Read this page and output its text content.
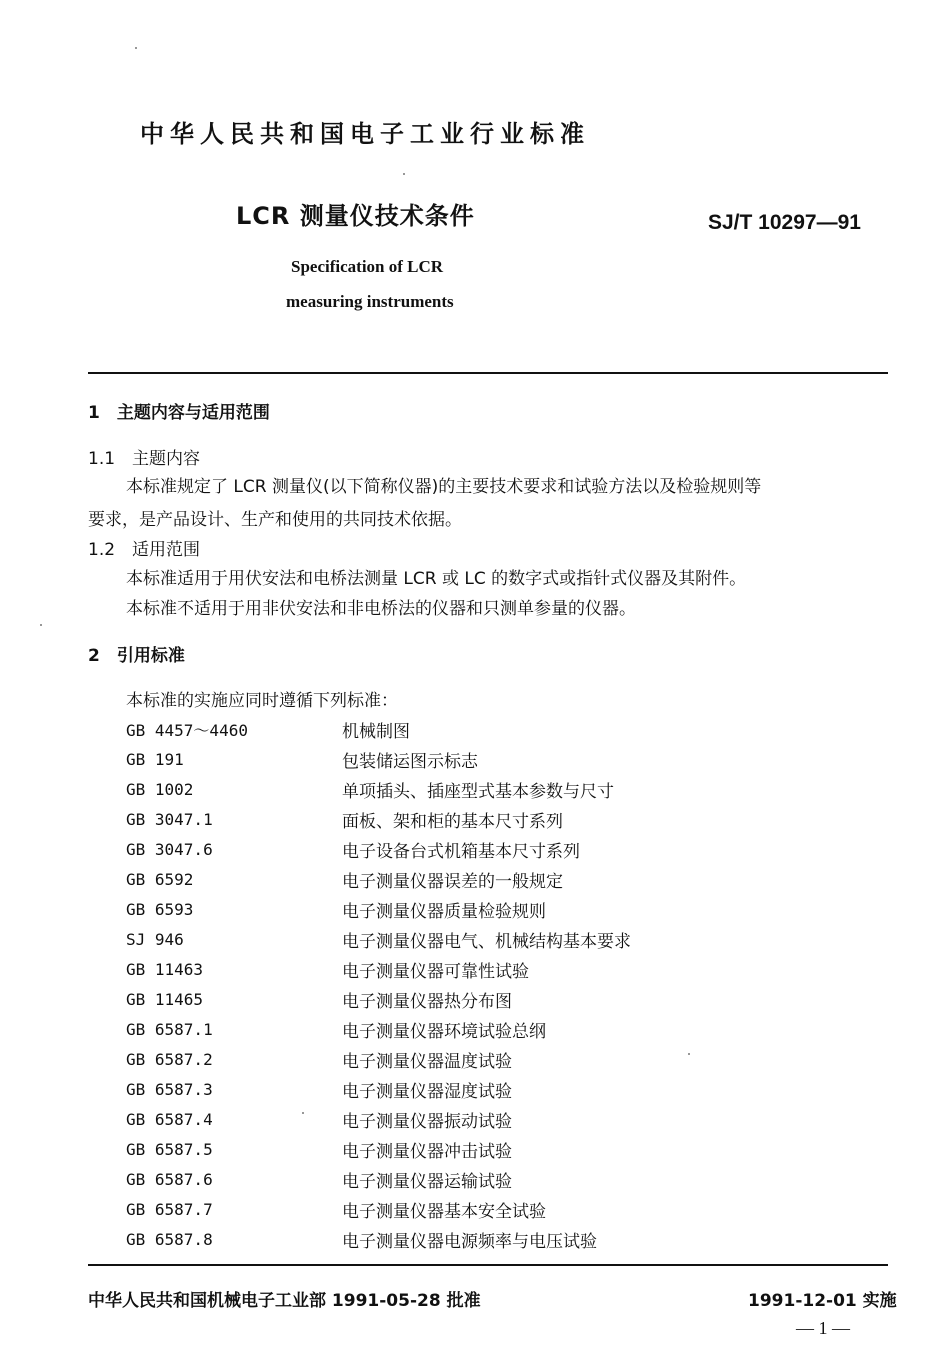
中华人民共和国电子工业行业标准
LCR 测量仪技术条件	SJ/T 10297—91
Specification of LCR
measuring instruments
1　主题内容与适用范围
1.1　主题内容
本标准规定了 LCR 测量仪(以下简称仪器)的主要技术要求和试验方法以及检验规则等
要求，是产品设计、生产和使用的共同技术依据。
1.2　适用范围
本标准适用于用伏安法和电桥法测量 LCR 或 LC 的数字式或指针式仪器及其附件。
本标准不适用于用非伏安法和非电桥法的仪器和只测单参量的仪器。
2　引用标准
本标准的实施应同时遵循下列标准：
GB 4457～4460	机械制图
GB 191	包装储运图示标志
GB 1002	单项插头、插座型式基本参数与尺寸
GB 3047.1	面板、架和柜的基本尺寸系列
GB 3047.6	电子设备台式机箱基本尺寸系列
GB 6592	电子测量仪器误差的一般规定
GB 6593	电子测量仪器质量检验规则
SJ 946	电子测量仪器电气、机械结构基本要求
GB 11463	电子测量仪器可靠性试验
GB 11465	电子测量仪器热分布图
GB 6587.1	电子测量仪器环境试验总纲
GB 6587.2	电子测量仪器温度试验
GB 6587.3	电子测量仪器湿度试验
GB 6587.4	电子测量仪器振动试验
GB 6587.5	电子测量仪器冲击试验
GB 6587.6	电子测量仪器运输试验
GB 6587.7	电子测量仪器基本安全试验
GB 6587.8	电子测量仪器电源频率与电压试验
中华人民共和国机械电子工业部 1991-05-28 批准	1991-12-01 实施
— 1 —
